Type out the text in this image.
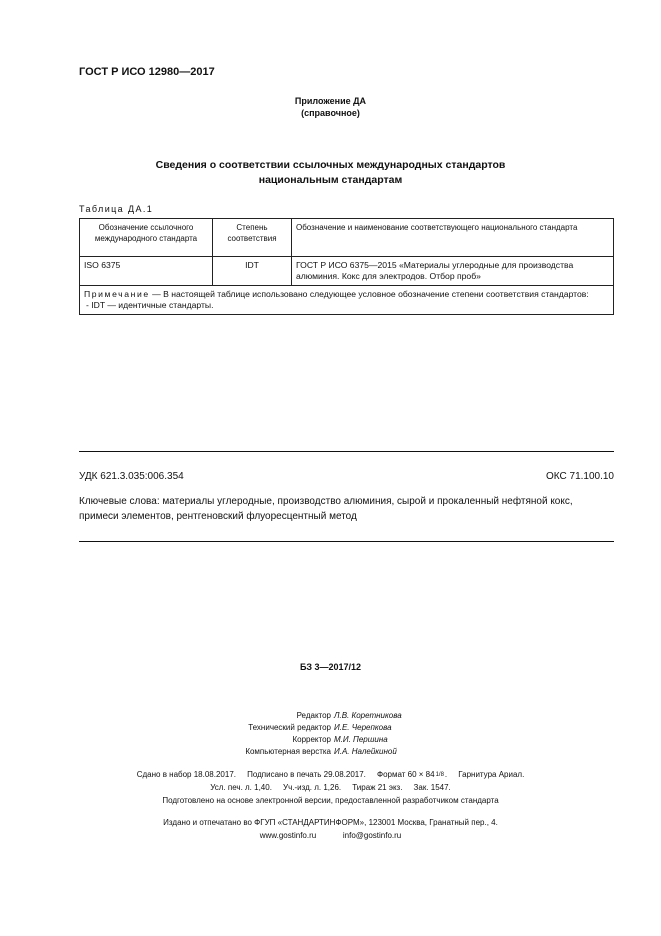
ГОСТ Р ИСО 12980—2017
Приложение ДА
(справочное)
Сведения о соответствии ссылочных международных стандартов
национальным стандартам
Таблица ДА.1
Обозначение ссылочного международного стандарта	Степень соответствия	Обозначение и наименование соответствующего национального стандарта
ISO 6375	IDT	ГОСТ Р ИСО 6375—2015 «Материалы углеродные для производства алюминия. Кокс для электродов. Отбор проб»
Примечание — В настоящей таблице использовано следующее условное обозначение степени соответствия стандартов:
- IDT — идентичные стандарты.		
УДК 621.3.035:006.354	ОКС 71.100.10
Ключевые слова: материалы углеродные, производство алюминия, сырой и прокаленный нефтяной кокс, примеси элементов, рентгеновский флуоресцентный метод
БЗ 3—2017/12
Редактор Л.В. Коретникова
Технический редактор И.Е. Черепкова
Корректор М.И. Першина
Компьютерная верстка И.А. Налейкиной
Сдано в набор 18.08.2017.     Подписано в печать 29.08.2017.     Формат 60 × 841/8.     Гарнитура Ариал.
Усл. печ. л. 1,40.     Уч.-изд. л. 1,26.     Тираж 21 экз.     Зак. 1547.
Подготовлено на основе электронной версии, предоставленной разработчиком стандарта
Издано и отпечатано во ФГУП «СТАНДАРТИНФОРМ», 123001 Москва, Гранатный пер., 4.
www.gostinfo.ru	info@gostinfo.ru
